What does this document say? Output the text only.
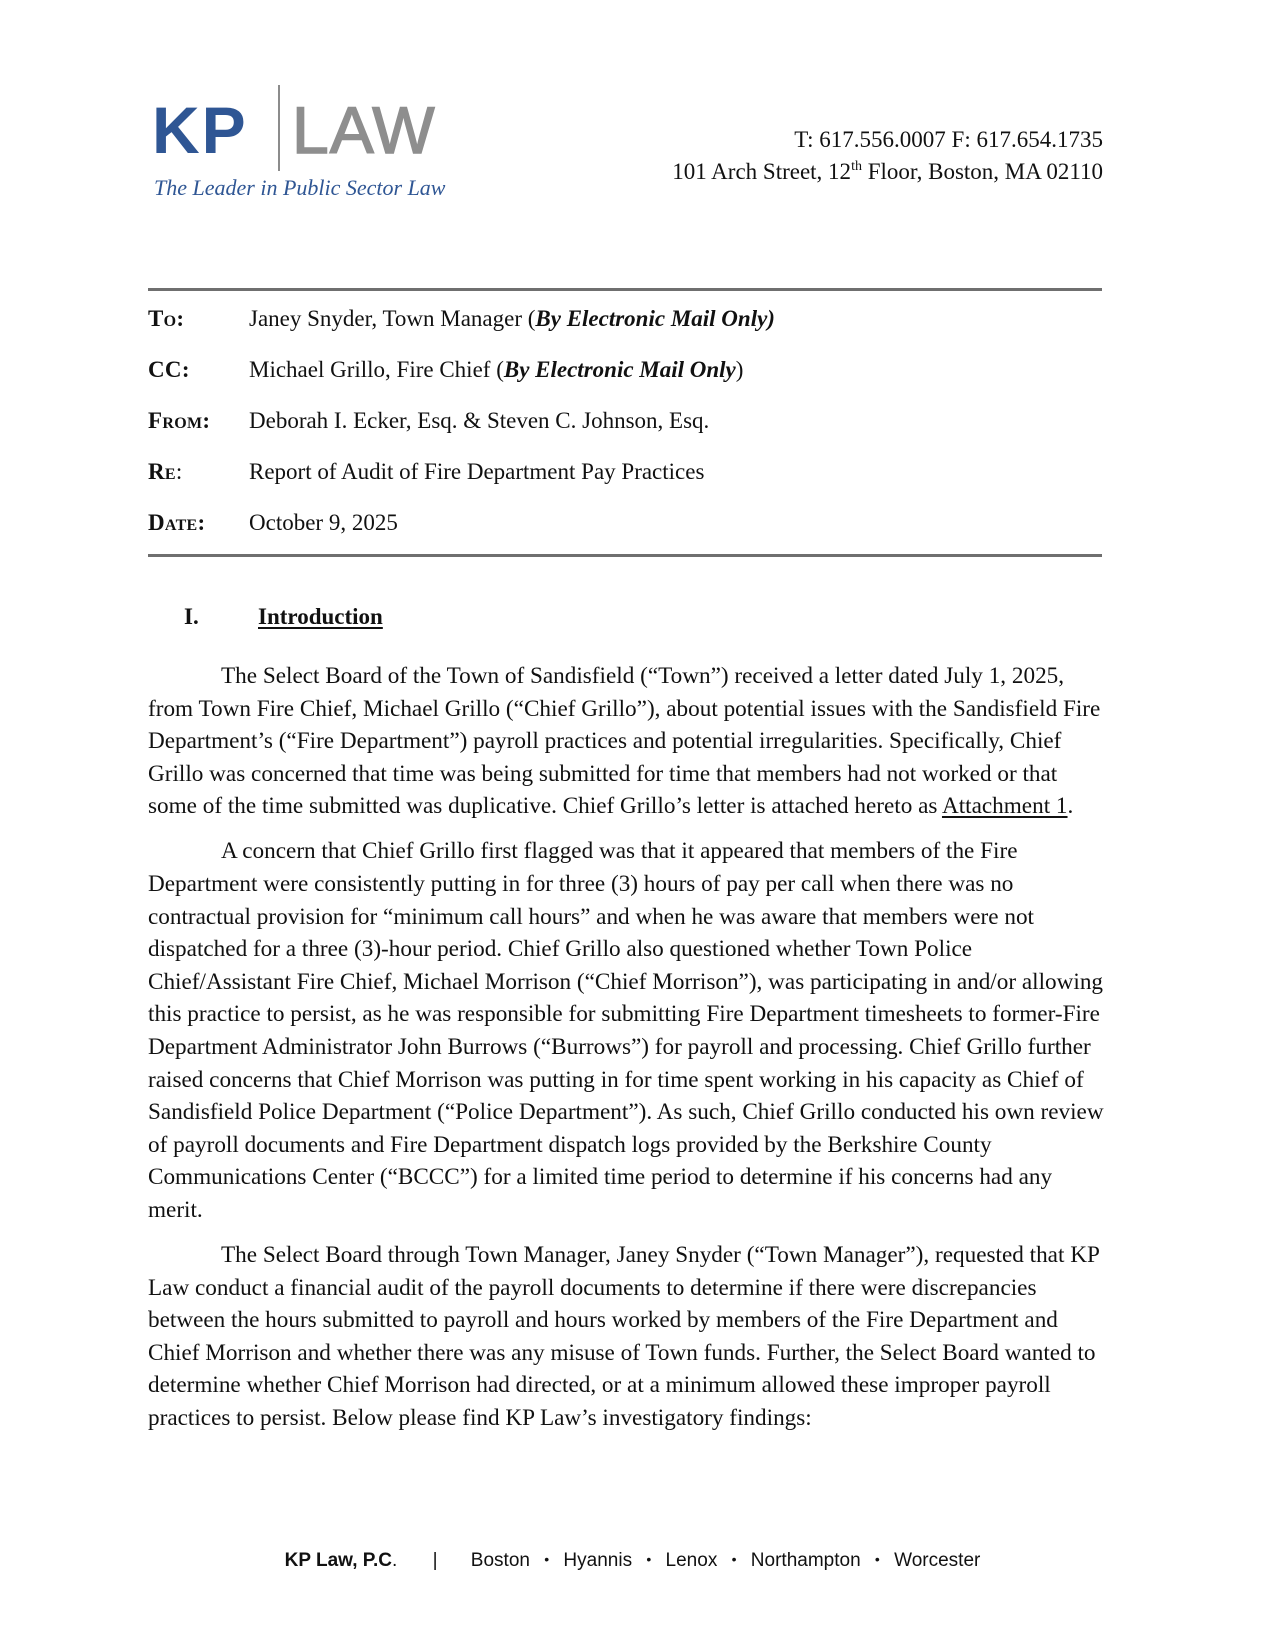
KP LAW
The Leader in Public Sector Law
T: 617.556.0007 F: 617.654.1735
101 Arch Street, 12th Floor, Boston, MA 02110
To:	Janey Snyder, Town Manager (By Electronic Mail Only)
CC:	Michael Grillo, Fire Chief (By Electronic Mail Only)
From: Deborah I. Ecker, Esq. & Steven C. Johnson, Esq.
Re:	Report of Audit of Fire Department Pay Practices
Date: October 9, 2025
I.	Introduction

The Select Board of the Town of Sandisfield (“Town”) received a letter dated July 1, 2025, from Town Fire Chief, Michael Grillo (“Chief Grillo”), about potential issues with the Sandisfield Fire Department’s (“Fire Department”) payroll practices and potential irregularities. Specifically, Chief Grillo was concerned that time was being submitted for time that members had not worked or that some of the time submitted was duplicative. Chief Grillo’s letter is attached hereto as Attachment 1.

A concern that Chief Grillo first flagged was that it appeared that members of the Fire Department were consistently putting in for three (3) hours of pay per call when there was no contractual provision for “minimum call hours” and when he was aware that members were not dispatched for a three (3)-hour period. Chief Grillo also questioned whether Town Police Chief/Assistant Fire Chief, Michael Morrison (“Chief Morrison”), was participating in and/or allowing this practice to persist, as he was responsible for submitting Fire Department timesheets to former-Fire Department Administrator John Burrows (“Burrows”) for payroll and processing. Chief Grillo further raised concerns that Chief Morrison was putting in for time spent working in his capacity as Chief of Sandisfield Police Department (“Police Department”). As such, Chief Grillo conducted his own review of payroll documents and Fire Department dispatch logs provided by the Berkshire County Communications Center (“BCCC”) for a limited time period to determine if his concerns had any merit.

The Select Board through Town Manager, Janey Snyder (“Town Manager”), requested that KP Law conduct a financial audit of the payroll documents to determine if there were discrepancies between the hours submitted to payroll and hours worked by members of the Fire Department and Chief Morrison and whether there was any misuse of Town funds. Further, the Select Board wanted to determine whether Chief Morrison had directed, or at a minimum allowed these improper payroll practices to persist. Below please find KP Law’s investigatory findings:

KP Law, P.C. | Boston • Hyannis • Lenox • Northampton • Worcester
